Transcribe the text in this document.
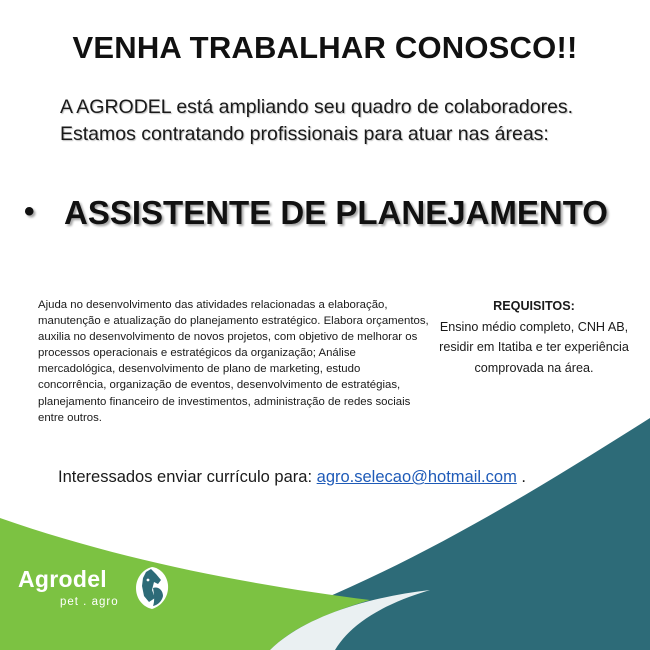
VENHA TRABALHAR CONOSCO!!
A AGRODEL está ampliando seu quadro de colaboradores.
Estamos contratando profissionais para atuar nas áreas:
• ASSISTENTE DE PLANEJAMENTO
Ajuda no desenvolvimento das atividades relacionadas a elaboração, manutenção e atualização do planejamento estratégico. Elabora orçamentos, auxilia no desenvolvimento de novos projetos, com objetivo de melhorar os processos operacionais e estratégicos da organização; Análise mercadológica, desenvolvimento de plano de marketing, estudo concorrência, organização de eventos, desenvolvimento de estratégias, planejamento financeiro de investimentos, administração de redes sociais entre outros.
REQUISITOS:
Ensino médio completo, CNH AB, residir em Itatiba e ter experiência comprovada na área.
Interessados enviar currículo para: agro.selecao@hotmail.com .
Agrodel
pet . agro
